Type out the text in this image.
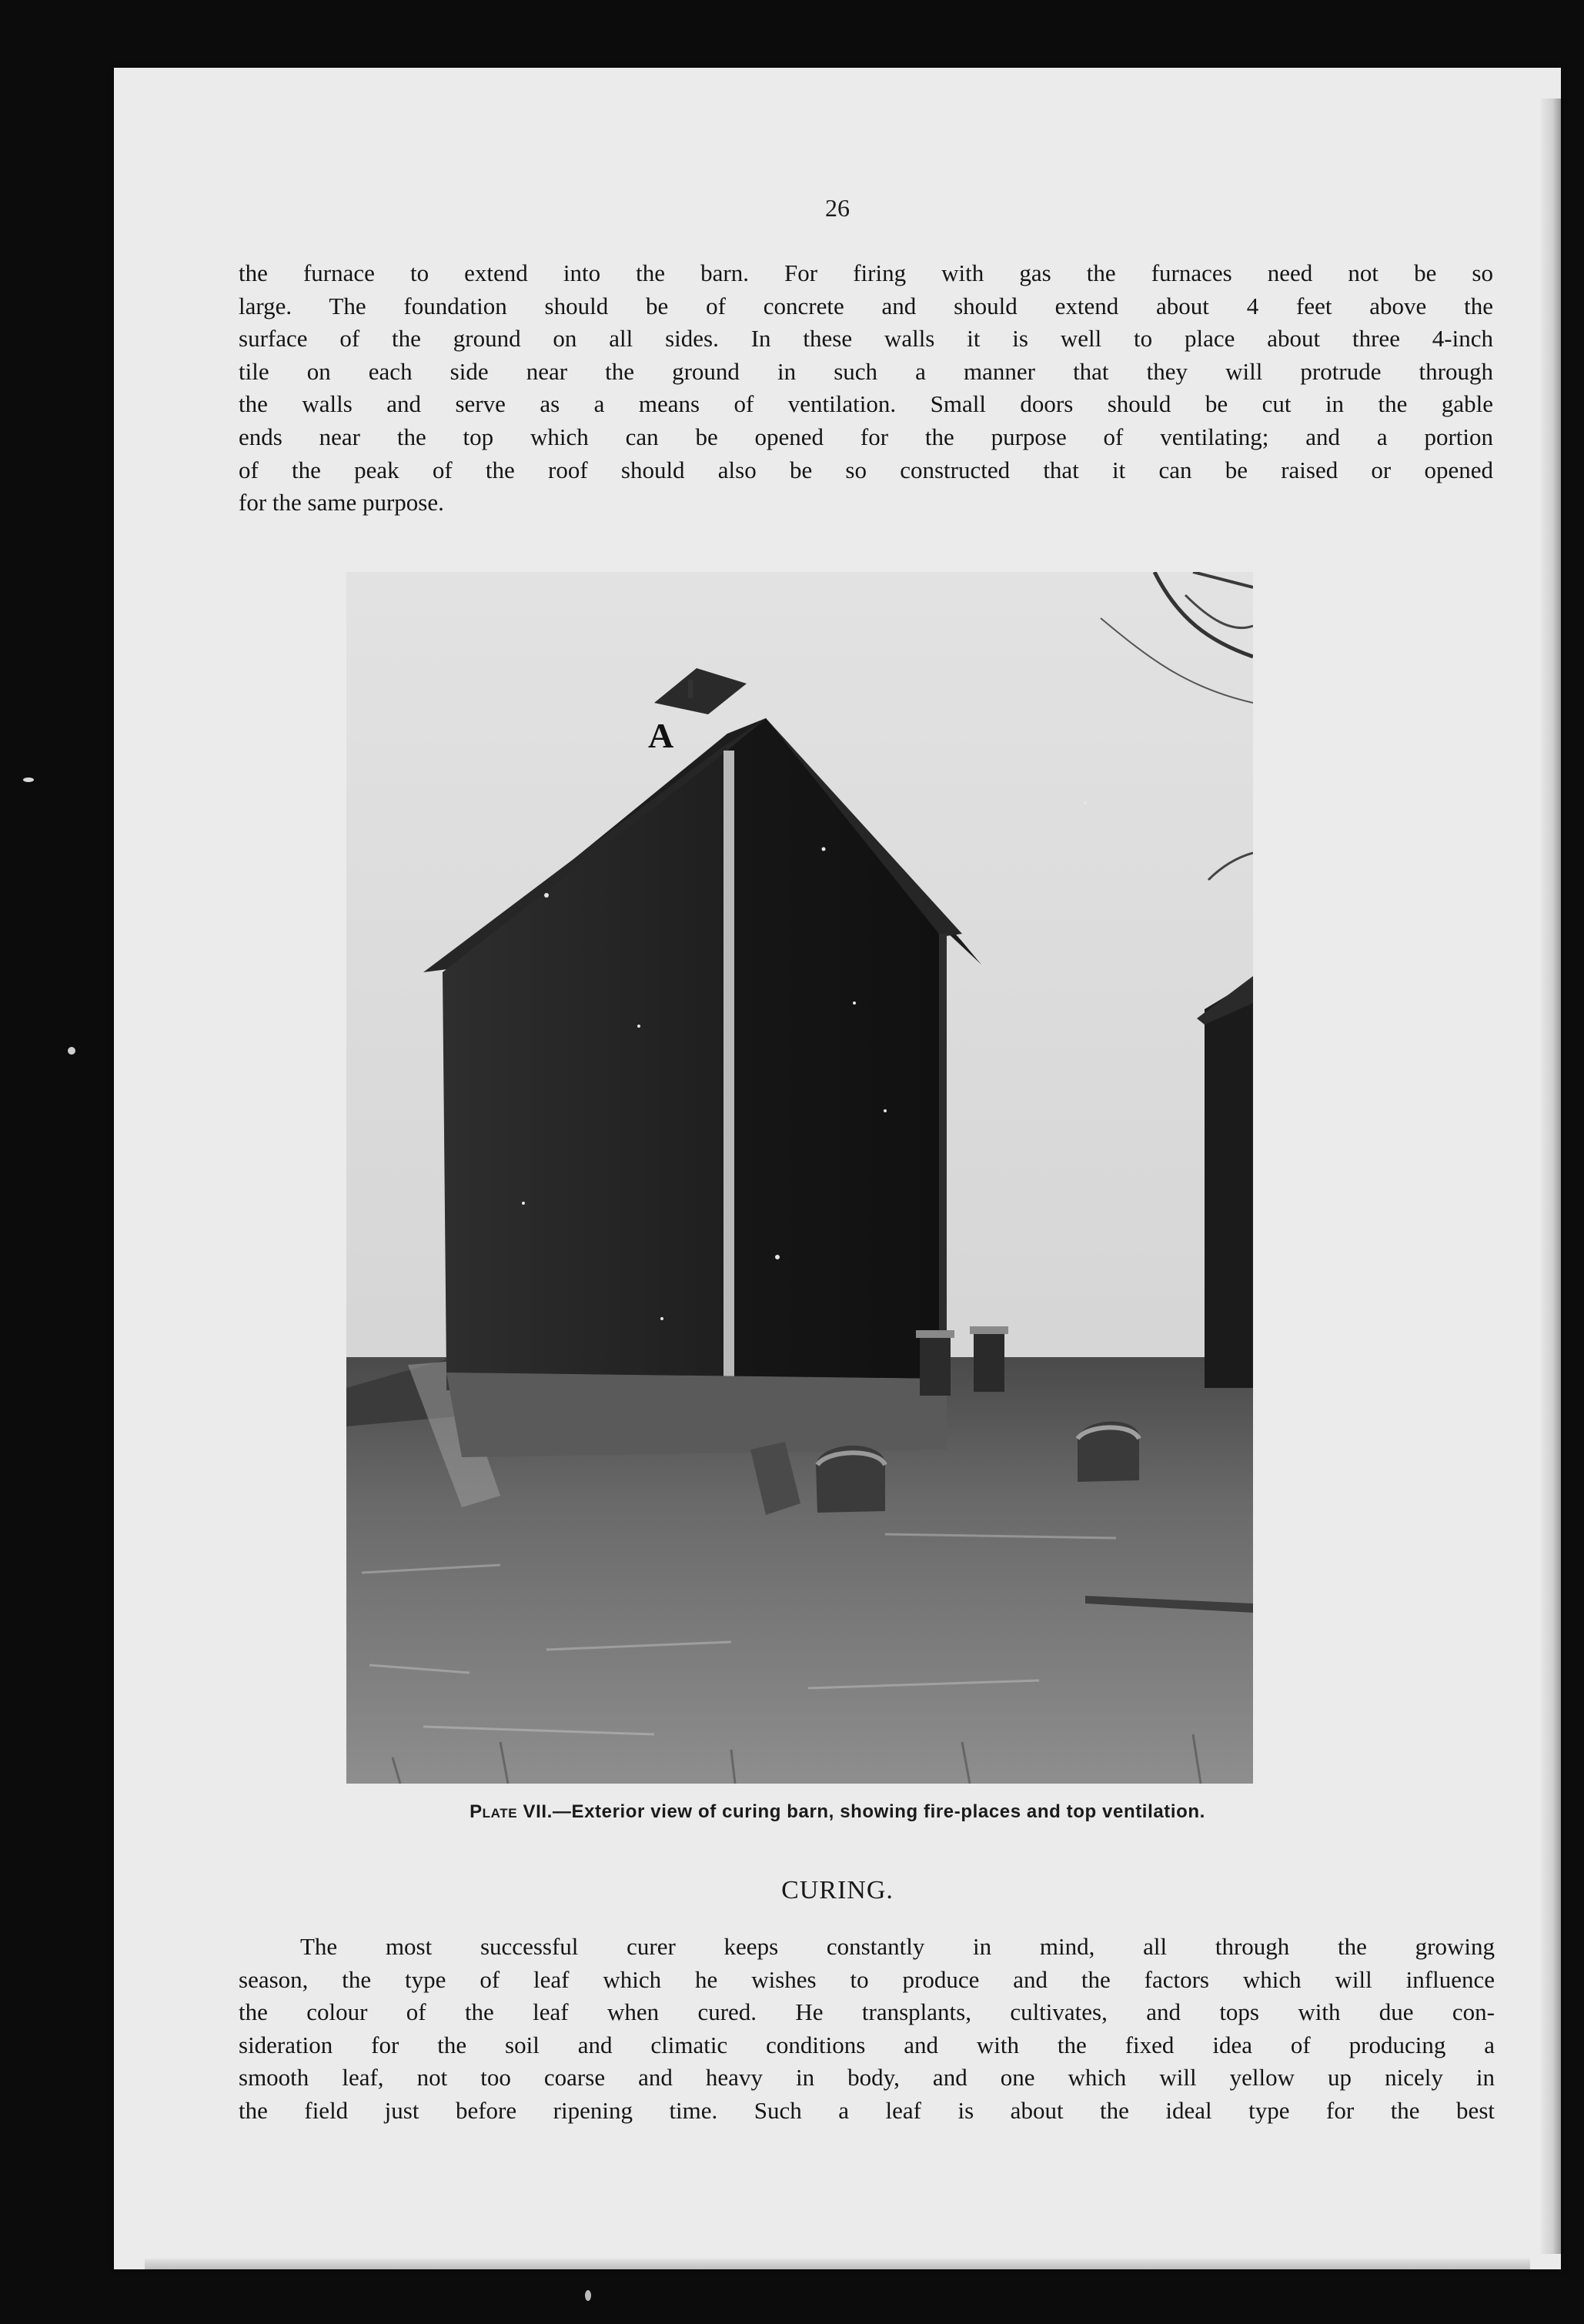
26
the furnace to extend into the barn. For firing with gas the furnaces need not be so
large. The foundation should be of concrete and should extend about 4 feet above the
surface of the ground on all sides. In these walls it is well to place about three 4-inch
tile on each side near the ground in such a manner that they will protrude through
the walls and serve as a means of ventilation. Small doors should be cut in the gable
ends near the top which can be opened for the purpose of ventilating; and a portion
of the peak of the roof should also be so constructed that it can be raised or opened
for the same purpose.
A
Plate VII.—Exterior view of curing barn, showing fire-places and top ventilation.
CURING.
The most successful curer keeps constantly in mind, all through the growing
season, the type of leaf which he wishes to produce and the factors which will influence
the colour of the leaf when cured. He transplants, cultivates, and tops with due con-
sideration for the soil and climatic conditions and with the fixed idea of producing a
smooth leaf, not too coarse and heavy in body, and one which will yellow up nicely in
the field just before ripening time. Such a leaf is about the ideal type for the best
